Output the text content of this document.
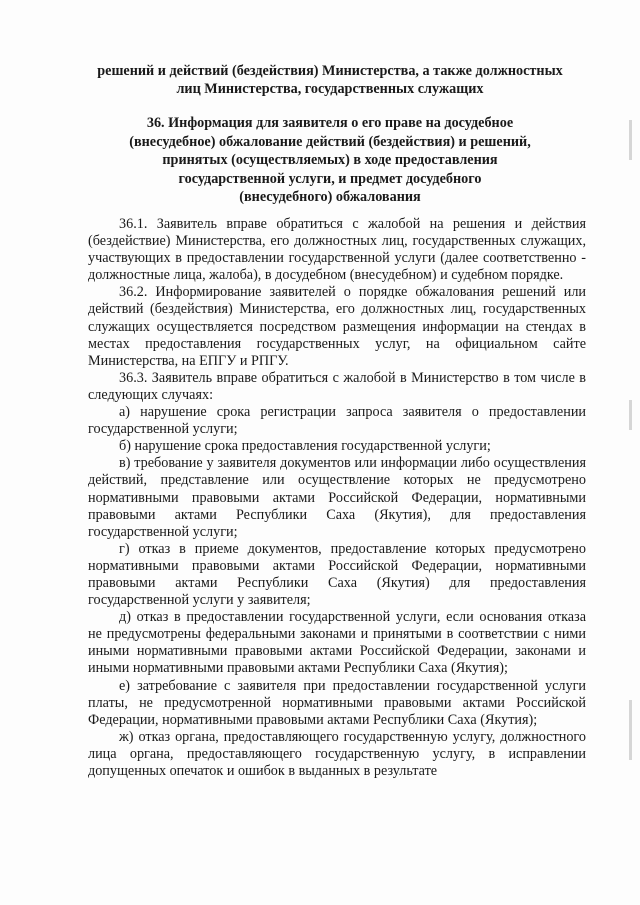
решений и действий (бездействия) Министерства, а также должностных
лиц Министерства, государственных служащих
36. Информация для заявителя о его праве на досудебное
(внесудебное) обжалование действий (бездействия) и решений,
принятых (осуществляемых) в ходе предоставления
государственной услуги, и предмет досудебного
(внесудебного) обжалования

36.1. Заявитель вправе обратиться с жалобой на решения и действия (бездействие) Министерства, его должностных лиц, государственных служащих, участвующих в предоставлении государственной услуги (далее соответственно - должностные лица, жалоба), в досудебном (внесудебном) и судебном порядке.

36.2. Информирование заявителей о порядке обжалования решений или действий (бездействия) Министерства, его должностных лиц, государственных служащих осуществляется посредством размещения информации на стендах в местах предоставления государственных услуг, на официальном сайте Министерства, на ЕПГУ и РПГУ.

36.3. Заявитель вправе обратиться с жалобой в Министерство в том числе в следующих случаях:

а) нарушение срока регистрации запроса заявителя о предоставлении государственной услуги;

б) нарушение срока предоставления государственной услуги;

в) требование у заявителя документов или информации либо осуществления действий, представление или осуществление которых не предусмотрено нормативными правовыми актами Российской Федерации, нормативными правовыми актами Республики Саха (Якутия), для предоставления государственной услуги;

г) отказ в приеме документов, предоставление которых предусмотрено нормативными правовыми актами Российской Федерации, нормативными правовыми актами Республики Саха (Якутия) для предоставления государственной услуги у заявителя;

д) отказ в предоставлении государственной услуги, если основания отказа не предусмотрены федеральными законами и принятыми в соответствии с ними иными нормативными правовыми актами Российской Федерации, законами и иными нормативными правовыми актами Республики Саха (Якутия);

е) затребование с заявителя при предоставлении государственной услуги платы, не предусмотренной нормативными правовыми актами Российской Федерации, нормативными правовыми актами Республики Саха (Якутия);

ж) отказ органа, предоставляющего государственную услугу, должностного лица органа, предоставляющего государственную услугу, в исправлении допущенных опечаток и ошибок в выданных в результате
